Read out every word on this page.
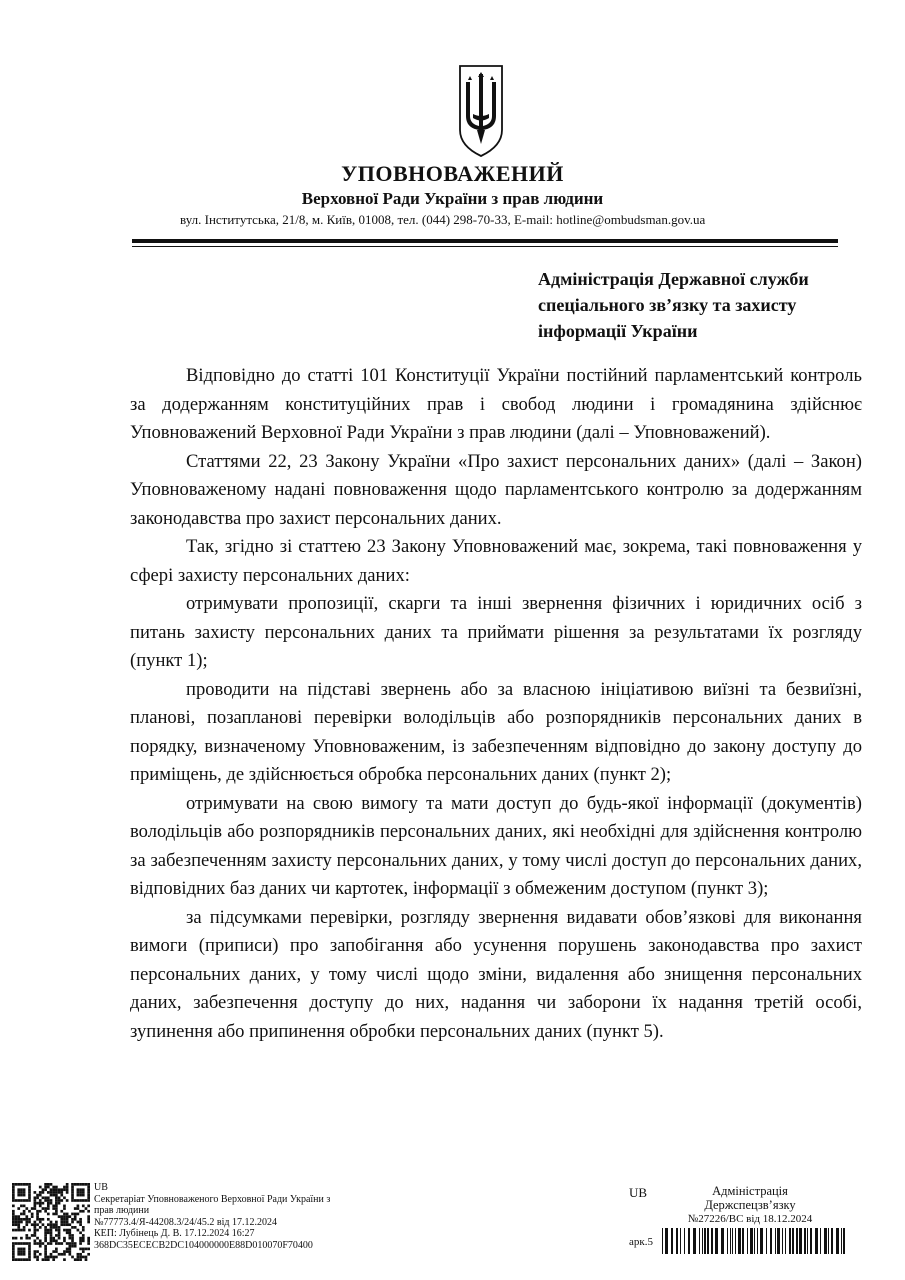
УПОВНОВАЖЕНИЙ
Верховної Ради України з прав людини
вул. Інститутська, 21/8, м. Київ, 01008, тел. (044) 298-70-33, E-mail: hotline@ombudsman.gov.ua
Адміністрація Державної служби
спеціального зв’язку та захисту
інформації України

Відповідно до статті 101 Конституції України постійний парламентський контроль за додержанням конституційних прав і свобод людини і громадянина здійснює Уповноважений Верховної Ради України з прав людини (далі – Уповноважений).

Статтями 22, 23 Закону України «Про захист персональних даних» (далі – Закон) Уповноваженому надані повноваження щодо парламентського контролю за додержанням законодавства про захист персональних даних.

Так, згідно зі статтею 23 Закону Уповноважений має, зокрема, такі повноваження у сфері захисту персональних даних:

отримувати пропозиції, скарги та інші звернення фізичних і юридичних осіб з питань захисту персональних даних та приймати рішення за результатами їх розгляду (пункт 1);

проводити на підставі звернень або за власною ініціативою виїзні та безвиїзні, планові, позапланові перевірки володільців або розпорядників персональних даних в порядку, визначеному Уповноваженим, із забезпеченням відповідно до закону доступу до приміщень, де здійснюється обробка персональних даних (пункт 2);

отримувати на свою вимогу та мати доступ до будь-якої інформації (документів) володільців або розпорядників персональних даних, які необхідні для здійснення контролю за забезпеченням захисту персональних даних, у тому числі доступ до персональних даних, відповідних баз даних чи картотек, інформації з обмеженим доступом (пункт 3);

за підсумками перевірки, розгляду звернення видавати обов’язкові для виконання вимоги (приписи) про запобігання або усунення порушень законодавства про захист персональних даних, у тому числі щодо зміни, видалення або знищення персональних даних, забезпечення доступу до них, надання чи заборони їх надання третій особі, зупинення або припинення обробки персональних даних (пункт 5).

UB
Секретаріат Уповноваженого Верховної Ради України з
прав людини
№77773.4/Я-44208.3/24/45.2 від 17.12.2024
КЕП: Лубінець Д. В. 17.12.2024 16:27
368DC35ECECB2DC104000000E88D010070F70400
UB	Адміністрація
Держспецзв’язку
№27226/ВС від 18.12.2024
арк.5
